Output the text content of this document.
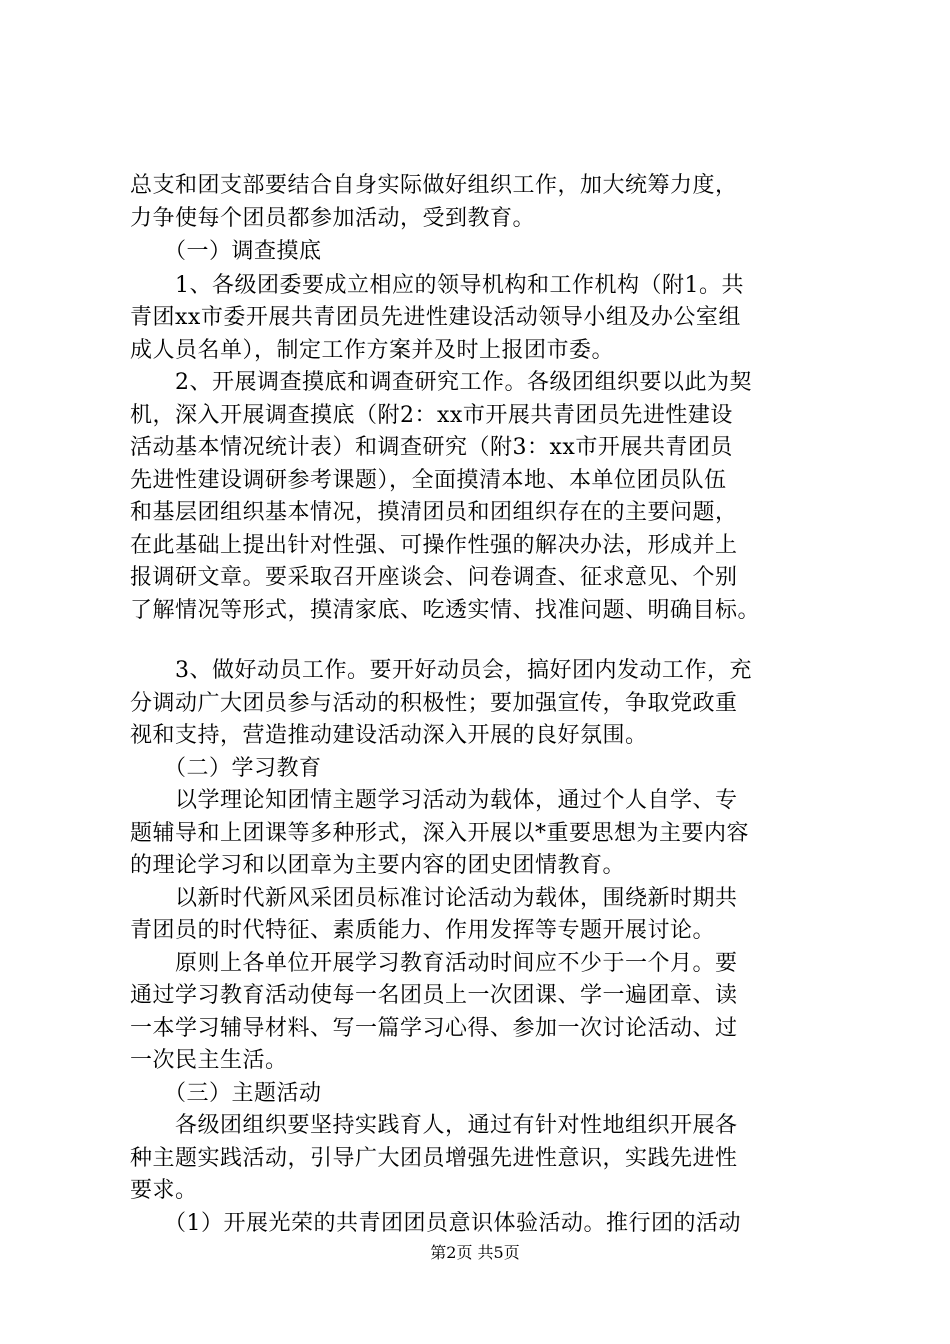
总支和团支部要结合自身实际做好组织工作，加大统筹力度，
力争使每个团员都参加活动，受到教育。
　　（一）调查摸底
　　1、各级团委要成立相应的领导机构和工作机构（附1。共
青团xx市委开展共青团员先进性建设活动领导小组及办公室组
成人员名单），制定工作方案并及时上报团市委。
　　2、开展调查摸底和调查研究工作。各级团组织要以此为契
机，深入开展调查摸底（附2：xx市开展共青团员先进性建设
活动基本情况统计表）和调查研究（附3：xx市开展共青团员
先进性建设调研参考课题），全面摸清本地、本单位团员队伍
和基层团组织基本情况，摸清团员和团组织存在的主要问题，
在此基础上提出针对性强、可操作性强的解决办法，形成并上
报调研文章。要采取召开座谈会、问卷调查、征求意见、个别
了解情况等形式，摸清家底、吃透实情、找准问题、明确目标。
　　3、做好动员工作。要开好动员会，搞好团内发动工作，充
分调动广大团员参与活动的积极性；要加强宣传，争取党政重
视和支持，营造推动建设活动深入开展的良好氛围。
　　（二）学习教育
　　以学理论知团情主题学习活动为载体，通过个人自学、专
题辅导和上团课等多种形式，深入开展以*重要思想为主要内容
的理论学习和以团章为主要内容的团史团情教育。
　　以新时代新风采团员标准讨论活动为载体，围绕新时期共
青团员的时代特征、素质能力、作用发挥等专题开展讨论。
　　原则上各单位开展学习教育活动时间应不少于一个月。要
通过学习教育活动使每一名团员上一次团课、学一遍团章、读
一本学习辅导材料、写一篇学习心得、参加一次讨论活动、过
一次民主生活。
　　（三）主题活动
　　各级团组织要坚持实践育人，通过有针对性地组织开展各
种主题实践活动，引导广大团员增强先进性意识，实践先进性
要求。
　　（1）开展光荣的共青团团员意识体验活动。推行团的活动
第2页 共5页
